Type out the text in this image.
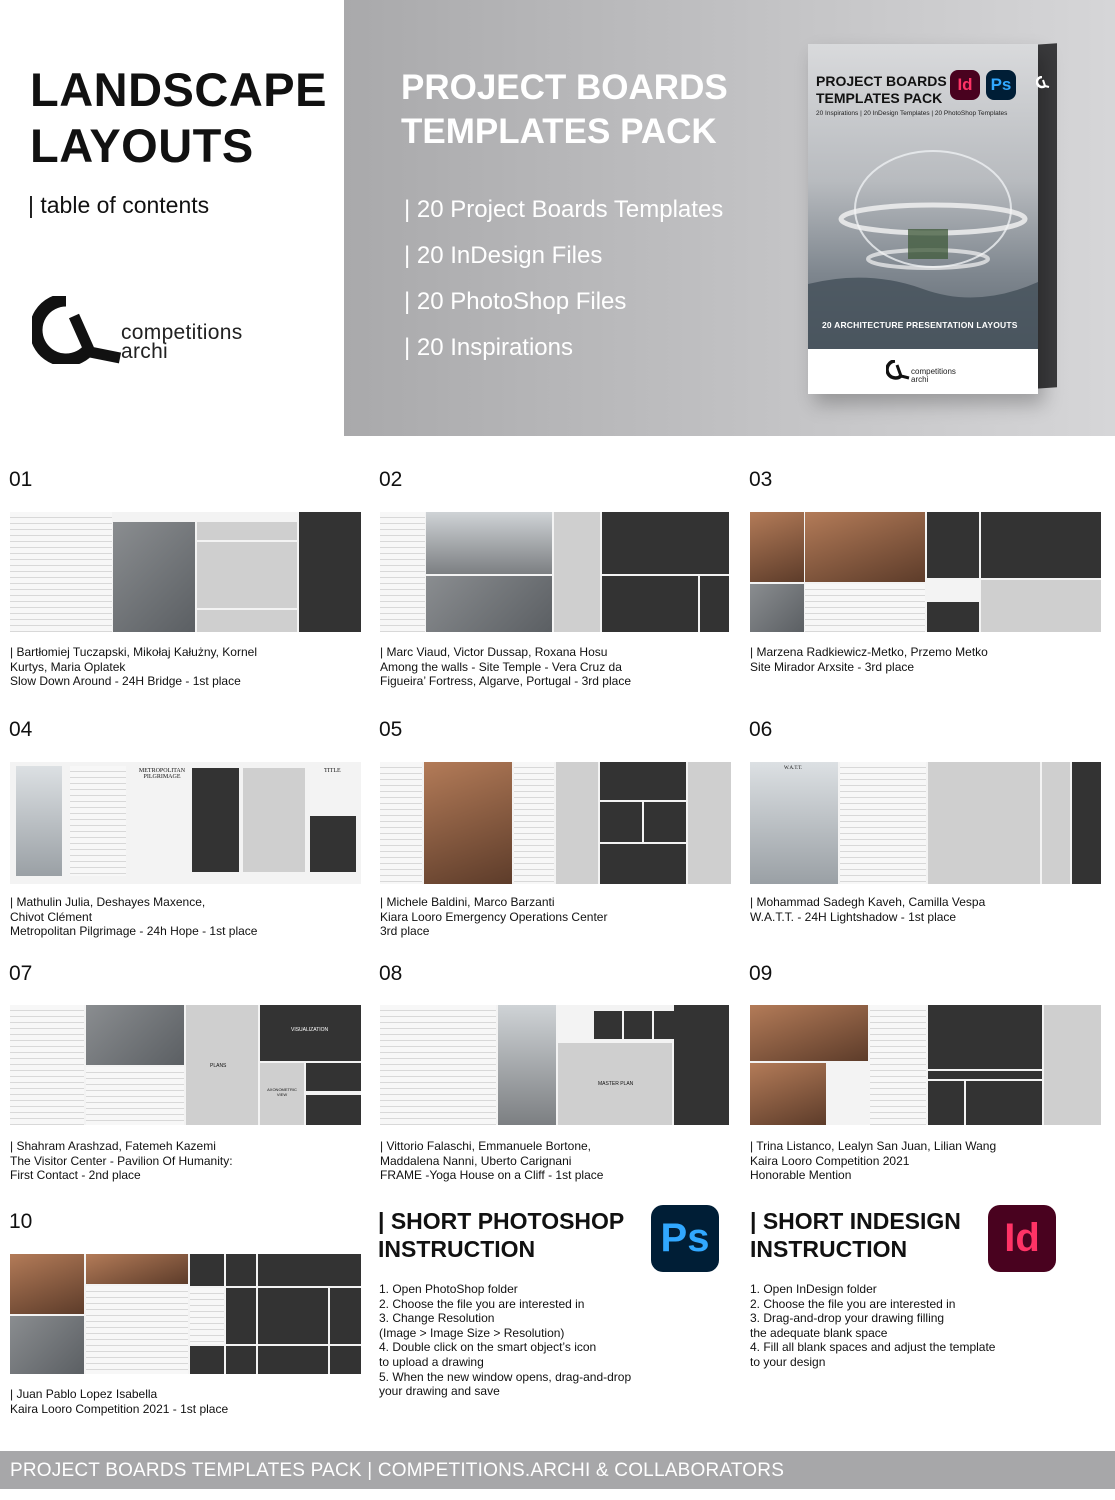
LANDSCAPE
LAYOUTS
| table of contents
competitions
archi
PROJECT BOARDS
TEMPLATES PACK
| 20 Project Boards Templates
| 20 InDesign Files
| 20 PhotoShop Files
| 20 Inspirations
PROJECT BOARDS
TEMPLATES PACK
Id	Ps
20 Inspirations | 20 InDesign Templates | 20 PhotoShop Templates
20 ARCHITECTURE PRESENTATION LAYOUTS
competitions
archi
01	02	03
| Bartłomiej Tuczapski, Mikołaj Kałużny, Kornel
Kurtys, Maria Oplatek
Slow Down Around - 24H Bridge - 1st place
| Marc Viaud, Victor Dussap, Roxana Hosu
Among the walls - Site Temple - Vera Cruz da
Figueira’ Fortress, Algarve, Portugal - 3rd place
| Marzena Radkiewicz-Metko, Przemo Metko
Site Mirador Arxsite - 3rd place
04	05	06
METROPOLITAN
PILGRIMAGE
TITLE	W.A.T.T.
| Mathulin Julia, Deshayes Maxence,
Chivot Clément
Metropolitan Pilgrimage - 24h Hope - 1st place
| Michele Baldini, Marco Barzanti
Kiara Looro Emergency Operations Center
3rd place
| Mohammad Sadegh Kaveh, Camilla Vespa
W.A.T.T. - 24H Lightshadow - 1st place
07	08	09
PLANS
VISUALIZATION
AXONOMETRIC
VIEW
MASTER PLAN
| Shahram Arashzad, Fatemeh Kazemi
The Visitor Center - Pavilion Of Humanity:
First Contact - 2nd place
| Vittorio Falaschi, Emmanuele Bortone,
Maddalena Nanni, Uberto Carignani
FRAME -Yoga House on a Cliff - 1st place
| Trina Listanco, Lealyn San Juan, Lilian Wang
Kaira Looro Competition 2021
Honorable Mention
10
| Juan Pablo Lopez Isabella
Kaira Looro Competition 2021 - 1st place
| SHORT PHOTOSHOP
INSTRUCTION	Ps
1. Open PhotoShop folder
2. Choose the file you are interested in
3. Change Resolution
(Image > Image Size > Resolution)
4. Double click on the smart object’s icon
to upload a drawing
5. When the new window opens, drag-and-drop
your drawing and save
| SHORT INDESIGN
INSTRUCTION	Id
1. Open InDesign folder
2. Choose the file you are interested in
3. Drag-and-drop your drawing filling
the adequate blank space
4. Fill all blank spaces and adjust the template
to your design
PROJECT BOARDS TEMPLATES PACK | COMPETITIONS.ARCHI & COLLABORATORS
